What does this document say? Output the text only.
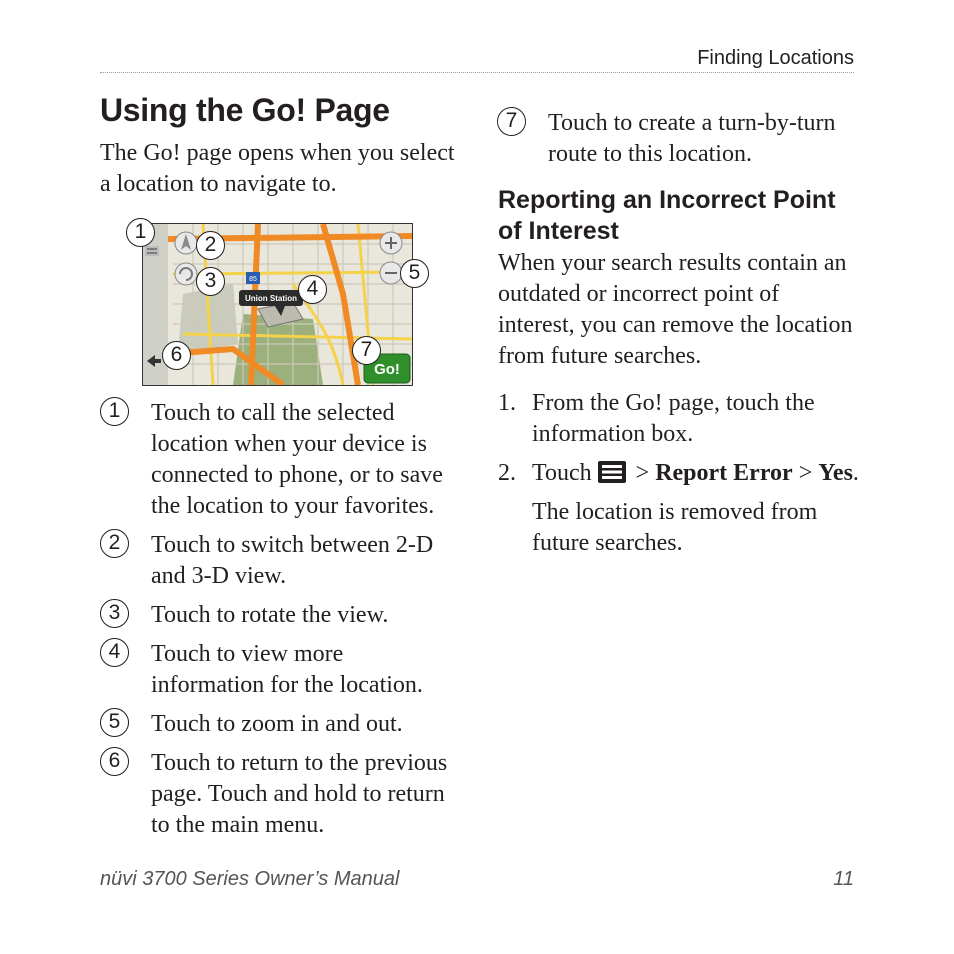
Finding Locations
Using the Go! Page

The Go! page opens when you select a location to navigate to.

85
Union Station
Go!
1
2
3	4
5
6	7
1	Touch to call the selected location when your device is connected to phone, or to save the location to your favorites.
2	Touch to switch between 2-D and 3-D view.
3	Touch to rotate the view.
4	Touch to view more information for the location.
5	Touch to zoom in and out.
6	Touch to return to the previous page. Touch and hold to return to the main menu.
7	Touch to create a turn-by-turn route to this location.
Reporting an Incorrect Point of Interest

When your search results contain an outdated or incorrect point of interest, you can remove the location from future searches.

1. From the Go! page, touch the information box.
2. Touch > Report Error > Yes.
The location is removed from future searches.
nüvi 3700 Series Owner’s Manual	11
